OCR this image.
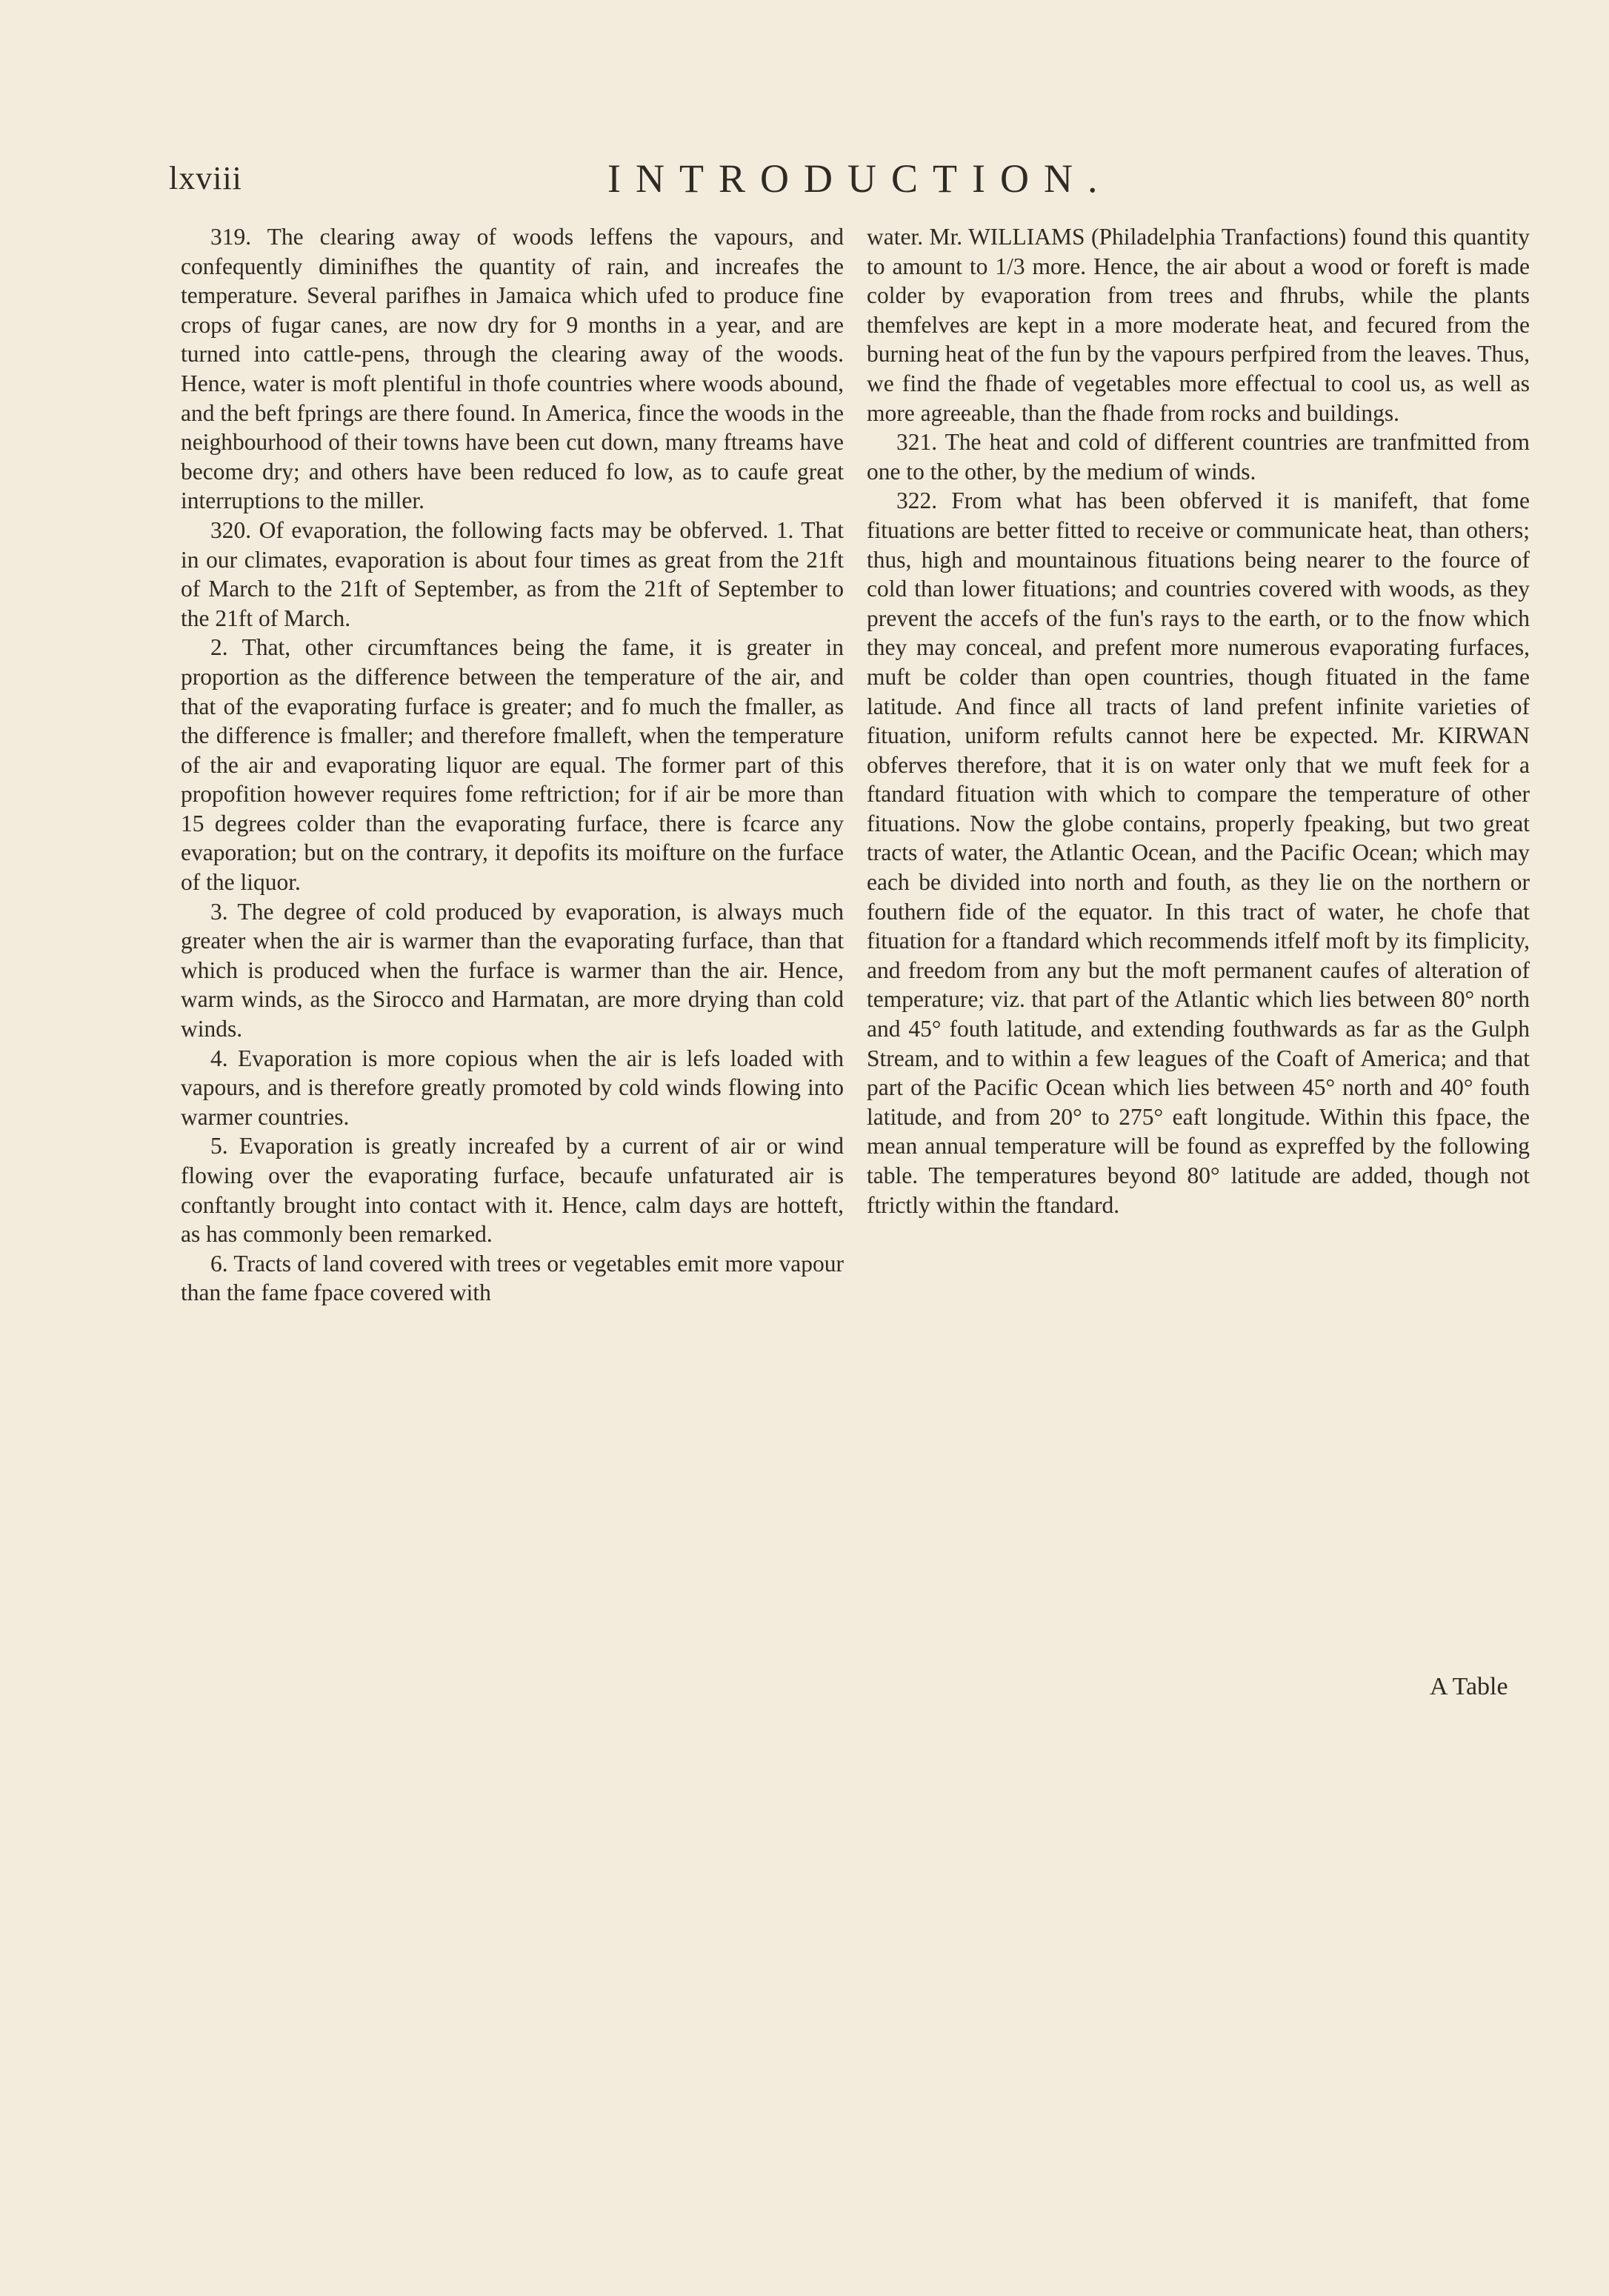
lxviii	INTRODUCTION.

319. The clearing away of woods leffens the vapours, and confequently diminifhes the quantity of rain, and increafes the temperature. Several parifhes in Jamaica which ufed to produce fine crops of fugar canes, are now dry for 9 months in a year, and are turned into cattle-pens, through the clearing away of the woods. Hence, water is moft plentiful in thofe countries where woods abound, and the beft fprings are there found. In America, fince the woods in the neighbourhood of their towns have been cut down, many ftreams have become dry; and others have been reduced fo low, as to caufe great interruptions to the miller.

320. Of evaporation, the following facts may be obferved. 1. That in our climates, evaporation is about four times as great from the 21ft of March to the 21ft of September, as from the 21ft of September to the 21ft of March.

2. That, other circumftances being the fame, it is greater in proportion as the difference between the temperature of the air, and that of the evaporating furface is greater; and fo much the fmaller, as the difference is fmaller; and therefore fmalleft, when the temperature of the air and evaporating liquor are equal. The former part of this propofition however requires fome reftriction; for if air be more than 15 degrees colder than the evaporating furface, there is fcarce any evaporation; but on the contrary, it depofits its moifture on the furface of the liquor.

3. The degree of cold produced by evaporation, is always much greater when the air is warmer than the evaporating furface, than that which is produced when the furface is warmer than the air. Hence, warm winds, as the Sirocco and Harmatan, are more drying than cold winds.

4. Evaporation is more copious when the air is lefs loaded with vapours, and is therefore greatly promoted by cold winds flowing into warmer countries.

5. Evaporation is greatly increafed by a current of air or wind flowing over the evaporating furface, becaufe unfaturated air is conftantly brought into contact with it. Hence, calm days are hotteft, as has commonly been remarked.

6. Tracts of land covered with trees or vegetables emit more vapour than the fame fpace covered with

water. Mr. WILLIAMS (Philadelphia Tranfactions) found this quantity to amount to 1/3 more. Hence, the air about a wood or foreft is made colder by evaporation from trees and fhrubs, while the plants themfelves are kept in a more moderate heat, and fecured from the burning heat of the fun by the vapours perfpired from the leaves. Thus, we find the fhade of vegetables more effectual to cool us, as well as more agreeable, than the fhade from rocks and buildings.

321. The heat and cold of different countries are tranfmitted from one to the other, by the medium of winds.

322. From what has been obferved it is manifeft, that fome fituations are better fitted to receive or communicate heat, than others; thus, high and mountainous fituations being nearer to the fource of cold than lower fituations; and countries covered with woods, as they prevent the accefs of the fun's rays to the earth, or to the fnow which they may conceal, and prefent more numerous evaporating furfaces, muft be colder than open countries, though fituated in the fame latitude. And fince all tracts of land prefent infinite varieties of fituation, uniform refults cannot here be expected. Mr. KIRWAN obferves therefore, that it is on water only that we muft feek for a ftandard fituation with which to compare the temperature of other fituations. Now the globe contains, properly fpeaking, but two great tracts of water, the Atlantic Ocean, and the Pacific Ocean; which may each be divided into north and fouth, as they lie on the northern or fouthern fide of the equator. In this tract of water, he chofe that fituation for a ftandard which recommends itfelf moft by its fimplicity, and freedom from any but the moft permanent caufes of alteration of temperature; viz. that part of the Atlantic which lies between 80° north and 45° fouth latitude, and extending fouthwards as far as the Gulph Stream, and to within a few leagues of the Coaft of America; and that part of the Pacific Ocean which lies between 45° north and 40° fouth latitude, and from 20° to 275° eaft longitude. Within this fpace, the mean annual temperature will be found as expreffed by the following table. The temperatures beyond 80° latitude are added, though not ftrictly within the ftandard.

A Table
